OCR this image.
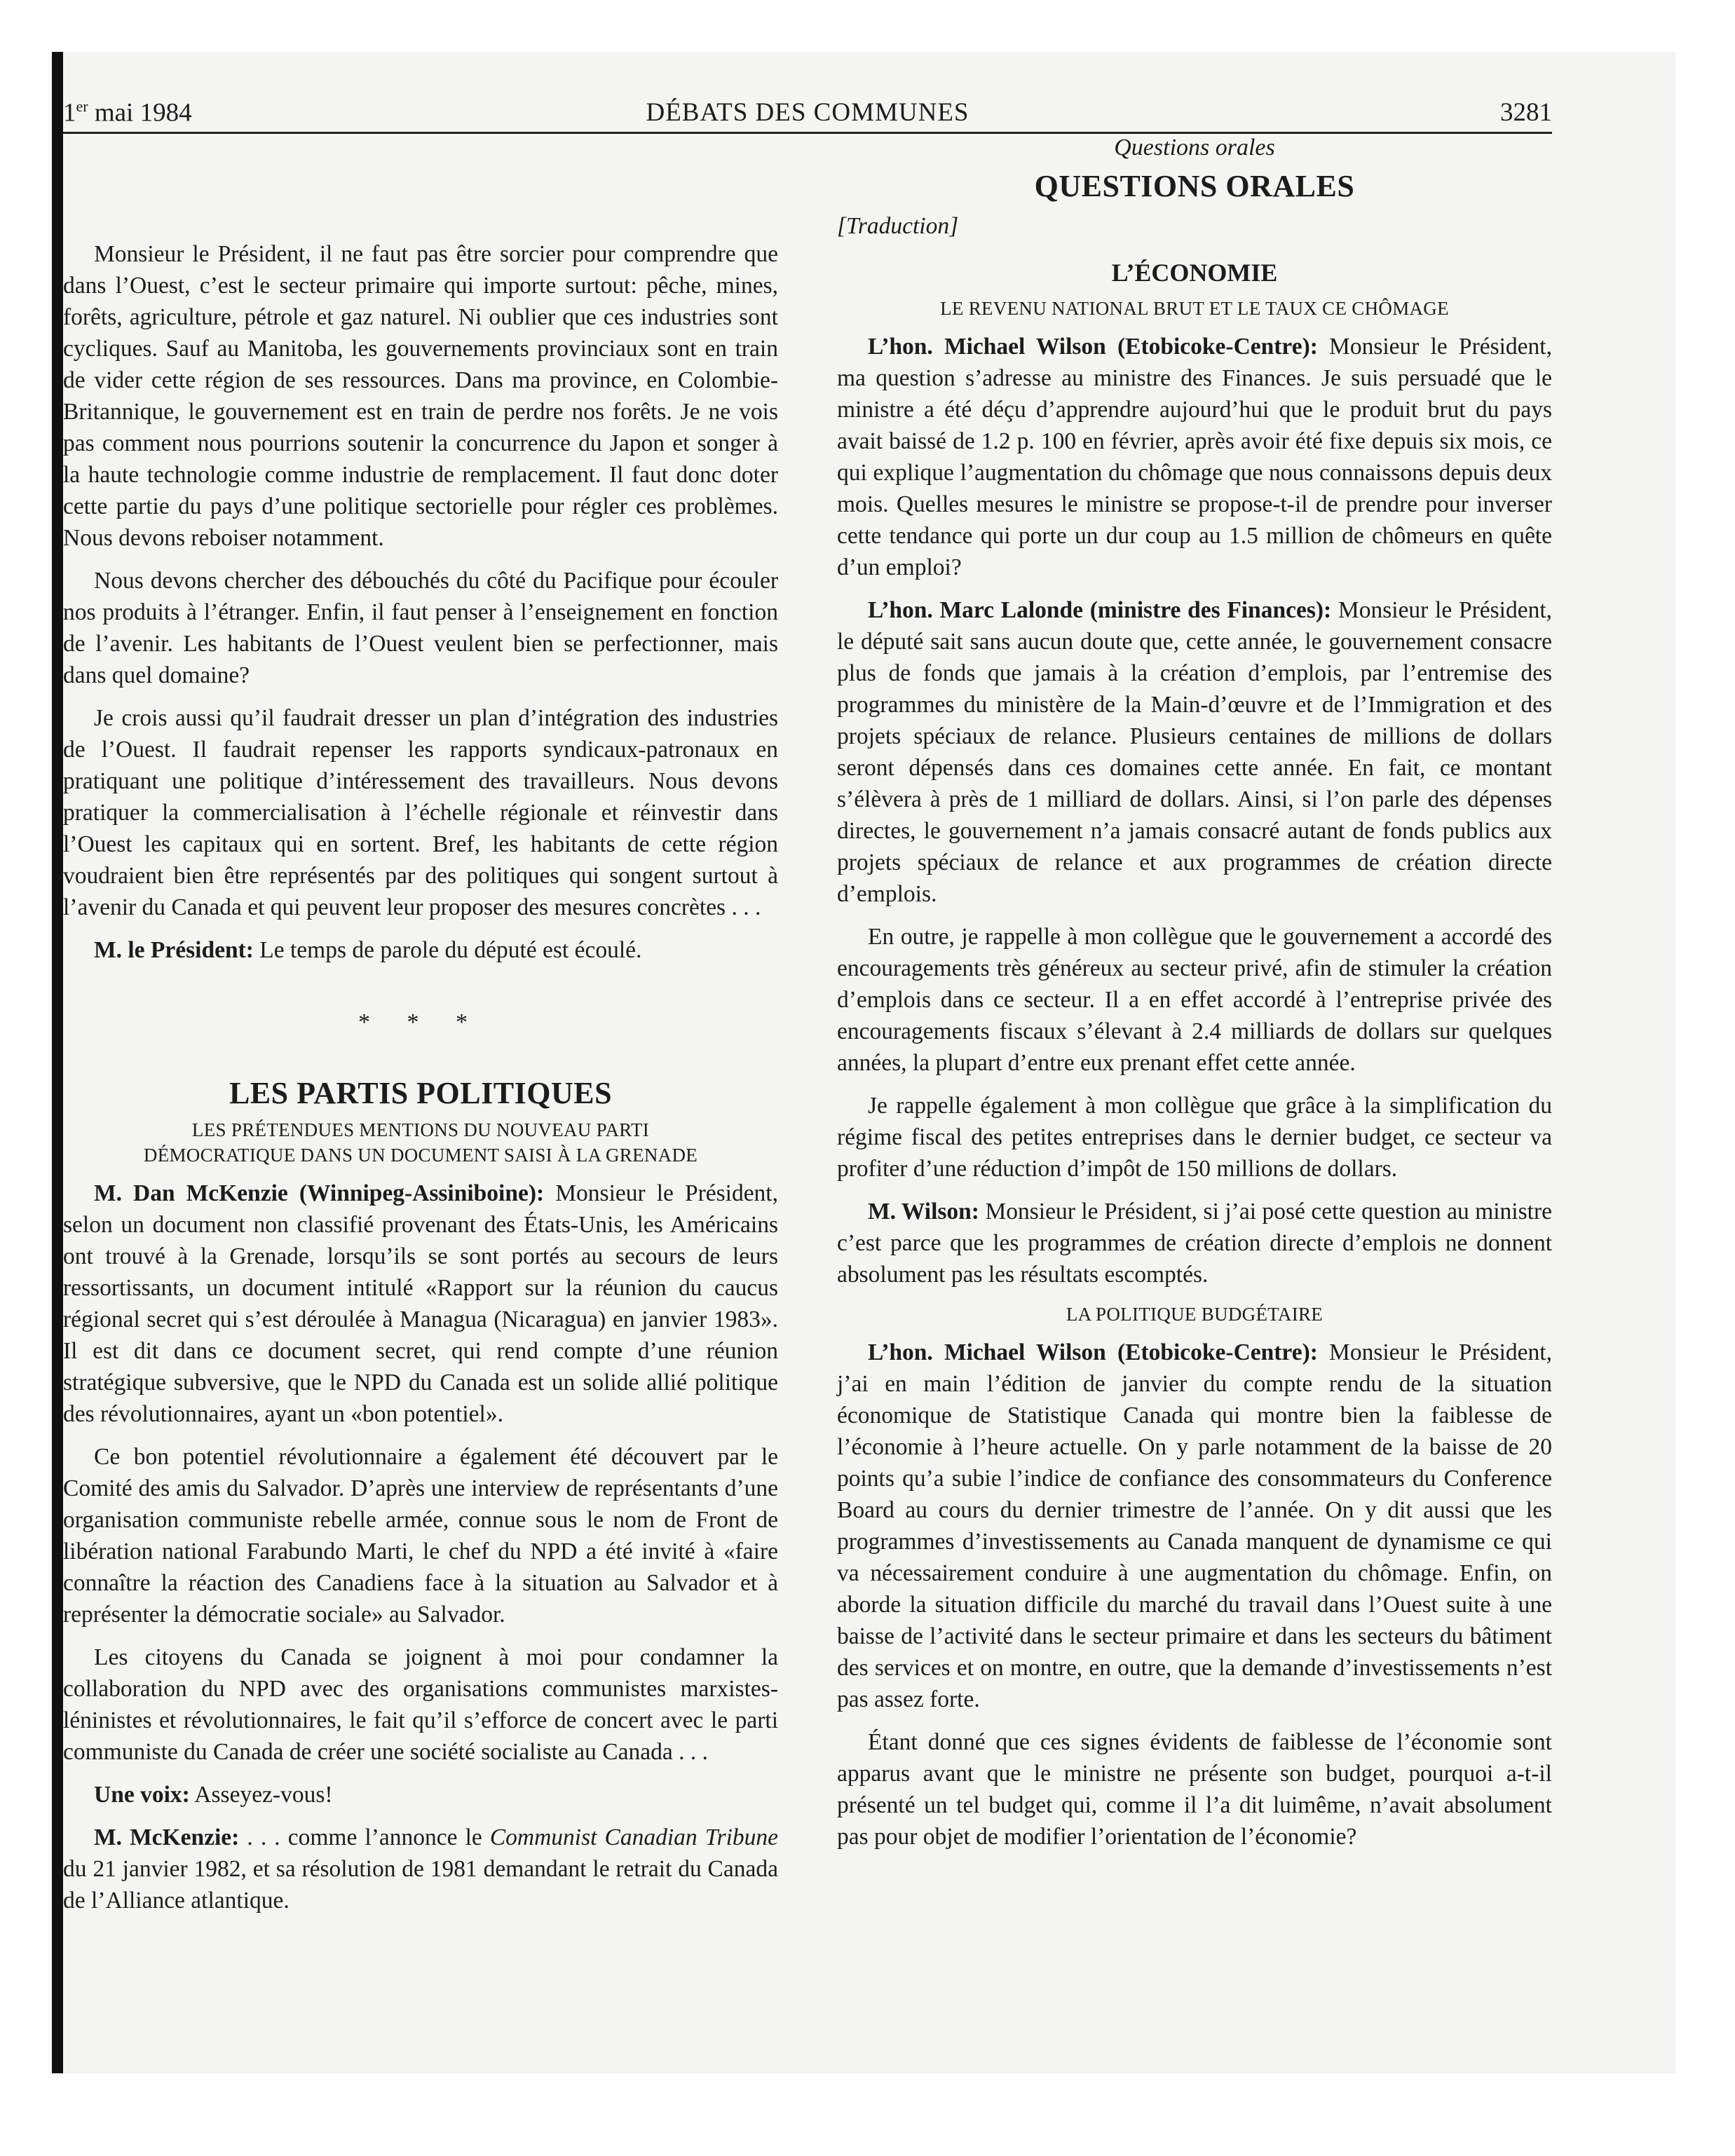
1er mai 1984	DÉBATS DES COMMUNES	3281

Monsieur le Président, il ne faut pas être sorcier pour comprendre que dans l’Ouest, c’est le secteur primaire qui importe surtout: pêche, mines, forêts, agriculture, pétrole et gaz naturel. Ni oublier que ces industries sont cycliques. Sauf au Manitoba, les gouvernements provinciaux sont en train de vider cette région de ses ressources. Dans ma province, en Colombie-Britannique, le gouvernement est en train de perdre nos forêts. Je ne vois pas comment nous pourrions soutenir la concurrence du Japon et songer à la haute technologie comme industrie de remplacement. Il faut donc doter cette partie du pays d’une politique sectorielle pour régler ces problèmes. Nous devons reboiser notamment.

Nous devons chercher des débouchés du côté du Pacifique pour écouler nos produits à l’étranger. Enfin, il faut penser à l’enseignement en fonction de l’avenir. Les habitants de l’Ouest veulent bien se perfectionner, mais dans quel domaine?

Je crois aussi qu’il faudrait dresser un plan d’intégration des industries de l’Ouest. Il faudrait repenser les rapports syndicaux-patronaux en pratiquant une politique d’intéressement des travailleurs. Nous devons pratiquer la commercialisation à l’échelle régionale et réinvestir dans l’Ouest les capitaux qui en sortent. Bref, les habitants de cette région voudraient bien être représentés par des politiques qui songent surtout à l’avenir du Canada et qui peuvent leur proposer des mesures concrètes . . .

M. le Président: Le temps de parole du député est écoulé.

* * *
LES PARTIS POLITIQUES
LES PRÉTENDUES MENTIONS DU NOUVEAU PARTI
DÉMOCRATIQUE DANS UN DOCUMENT SAISI À LA GRENADE

M. Dan McKenzie (Winnipeg-Assiniboine): Monsieur le Président, selon un document non classifié provenant des États-Unis, les Américains ont trouvé à la Grenade, lorsqu’ils se sont portés au secours de leurs ressortissants, un document intitulé «Rapport sur la réunion du caucus régional secret qui s’est déroulée à Managua (Nicaragua) en janvier 1983». Il est dit dans ce document secret, qui rend compte d’une réunion stratégique subversive, que le NPD du Canada est un solide allié politique des révolutionnaires, ayant un «bon potentiel».

Ce bon potentiel révolutionnaire a également été découvert par le Comité des amis du Salvador. D’après une interview de représentants d’une organisation communiste rebelle armée, connue sous le nom de Front de libération national Farabundo Marti, le chef du NPD a été invité à «faire connaître la réaction des Canadiens face à la situation au Salvador et à représenter la démocratie sociale» au Salvador.

Les citoyens du Canada se joignent à moi pour condamner la collaboration du NPD avec des organisations communistes marxistes-léninistes et révolutionnaires, le fait qu’il s’efforce de concert avec le parti communiste du Canada de créer une société socialiste au Canada . . .

Une voix: Asseyez-vous!

M. McKenzie: . . . comme l’annonce le Communist Canadian Tribune du 21 janvier 1982, et sa résolution de 1981 demandant le retrait du Canada de l’Alliance atlantique.

Questions orales
QUESTIONS ORALES
[Traduction]
L’ÉCONOMIE
LE REVENU NATIONAL BRUT ET LE TAUX CE CHÔMAGE

L’hon. Michael Wilson (Etobicoke-Centre): Monsieur le Président, ma question s’adresse au ministre des Finances. Je suis persuadé que le ministre a été déçu d’apprendre aujourd’hui que le produit brut du pays avait baissé de 1.2 p. 100 en février, après avoir été fixe depuis six mois, ce qui explique l’augmentation du chômage que nous connaissons depuis deux mois. Quelles mesures le ministre se propose-t-il de prendre pour inverser cette tendance qui porte un dur coup au 1.5 million de chômeurs en quête d’un emploi?

L’hon. Marc Lalonde (ministre des Finances): Monsieur le Président, le député sait sans aucun doute que, cette année, le gouvernement consacre plus de fonds que jamais à la création d’emplois, par l’entremise des programmes du ministère de la Main-d’œuvre et de l’Immigration et des projets spéciaux de relance. Plusieurs centaines de millions de dollars seront dépensés dans ces domaines cette année. En fait, ce montant s’élèvera à près de 1 milliard de dollars. Ainsi, si l’on parle des dépenses directes, le gouvernement n’a jamais consacré autant de fonds publics aux projets spéciaux de relance et aux programmes de création directe d’emplois.

En outre, je rappelle à mon collègue que le gouvernement a accordé des encouragements très généreux au secteur privé, afin de stimuler la création d’emplois dans ce secteur. Il a en effet accordé à l’entreprise privée des encouragements fiscaux s’élevant à 2.4 milliards de dollars sur quelques années, la plupart d’entre eux prenant effet cette année.

Je rappelle également à mon collègue que grâce à la simplification du régime fiscal des petites entreprises dans le dernier budget, ce secteur va profiter d’une réduction d’impôt de 150 millions de dollars.

M. Wilson: Monsieur le Président, si j’ai posé cette question au ministre c’est parce que les programmes de création directe d’emplois ne donnent absolument pas les résultats escomptés.

LA POLITIQUE BUDGÉTAIRE

L’hon. Michael Wilson (Etobicoke-Centre): Monsieur le Président, j’ai en main l’édition de janvier du compte rendu de la situation économique de Statistique Canada qui montre bien la faiblesse de l’économie à l’heure actuelle. On y parle notamment de la baisse de 20 points qu’a subie l’indice de confiance des consommateurs du Conference Board au cours du dernier trimestre de l’année. On y dit aussi que les programmes d’investissements au Canada manquent de dynamisme ce qui va nécessairement conduire à une augmentation du chômage. Enfin, on aborde la situation difficile du marché du travail dans l’Ouest suite à une baisse de l’activité dans le secteur primaire et dans les secteurs du bâtiment des services et on montre, en outre, que la demande d’investissements n’est pas assez forte.

Étant donné que ces signes évidents de faiblesse de l’économie sont apparus avant que le ministre ne présente son budget, pourquoi a-t-il présenté un tel budget qui, comme il l’a dit luimême, n’avait absolument pas pour objet de modifier l’orientation de l’économie?
